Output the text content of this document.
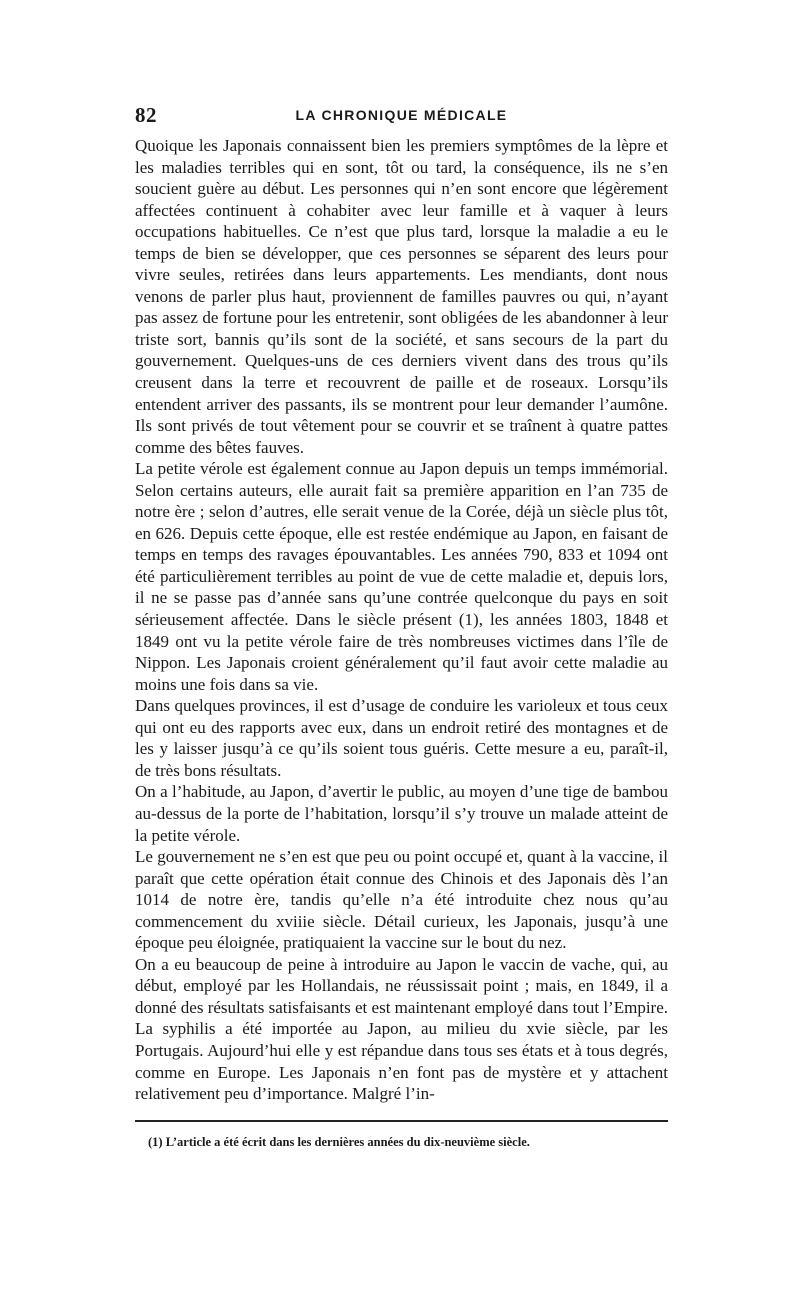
82	LA CHRONIQUE MÉDICALE

Quoique les Japonais connaissent bien les premiers symptômes de la lèpre et les maladies terribles qui en sont, tôt ou tard, la conséquence, ils ne s’en soucient guère au début. Les personnes qui n’en sont encore que légèrement affectées continuent à cohabiter avec leur famille et à vaquer à leurs occupations habituelles. Ce n’est que plus tard, lorsque la maladie a eu le temps de bien se développer, que ces personnes se séparent des leurs pour vivre seules, retirées dans leurs appartements. Les mendiants, dont nous venons de parler plus haut, proviennent de familles pauvres ou qui, n’ayant pas assez de fortune pour les entretenir, sont obligées de les abandonner à leur triste sort, bannis qu’ils sont de la société, et sans secours de la part du gouvernement. Quelques-uns de ces derniers vivent dans des trous qu’ils creusent dans la terre et recouvrent de paille et de roseaux. Lorsqu’ils entendent arriver des passants, ils se montrent pour leur demander l’aumône. Ils sont privés de tout vêtement pour se couvrir et se traînent à quatre pattes comme des bêtes fauves.

La petite vérole est également connue au Japon depuis un temps immémorial. Selon certains auteurs, elle aurait fait sa première apparition en l’an 735 de notre ère ; selon d’autres, elle serait venue de la Corée, déjà un siècle plus tôt, en 626. Depuis cette époque, elle est restée endémique au Japon, en faisant de temps en temps des ravages épouvantables. Les années 790, 833 et 1094 ont été particulièrement terribles au point de vue de cette maladie et, depuis lors, il ne se passe pas d’année sans qu’une contrée quelconque du pays en soit sérieusement affectée. Dans le siècle présent (1), les années 1803, 1848 et 1849 ont vu la petite vérole faire de très nombreuses victimes dans l’île de Nippon. Les Japonais croient généralement qu’il faut avoir cette maladie au moins une fois dans sa vie.

Dans quelques provinces, il est d’usage de conduire les varioleux et tous ceux qui ont eu des rapports avec eux, dans un endroit retiré des montagnes et de les y laisser jusqu’à ce qu’ils soient tous guéris. Cette mesure a eu, paraît-il, de très bons résultats.

On a l’habitude, au Japon, d’avertir le public, au moyen d’une tige de bambou au-dessus de la porte de l’habitation, lorsqu’il s’y trouve un malade atteint de la petite vérole.

Le gouvernement ne s’en est que peu ou point occupé et, quant à la vaccine, il paraît que cette opération était connue des Chinois et des Japonais dès l’an 1014 de notre ère, tandis qu’elle n’a été introduite chez nous qu’au commencement du xviiie siècle. Détail curieux, les Japonais, jusqu’à une époque peu éloignée, pratiquaient la vaccine sur le bout du nez.

On a eu beaucoup de peine à introduire au Japon le vaccin de vache, qui, au début, employé par les Hollandais, ne réussissait point ; mais, en 1849, il a donné des résultats satisfaisants et est maintenant employé dans tout l’Empire.

La syphilis a été importée au Japon, au milieu du xvie siècle, par les Portugais. Aujourd’hui elle y est répandue dans tous ses états et à tous degrés, comme en Europe. Les Japonais n’en font pas de mystère et y attachent relativement peu d’importance. Malgré l’in-

(1) L’article a été écrit dans les dernières années du dix-neuvième siècle.
